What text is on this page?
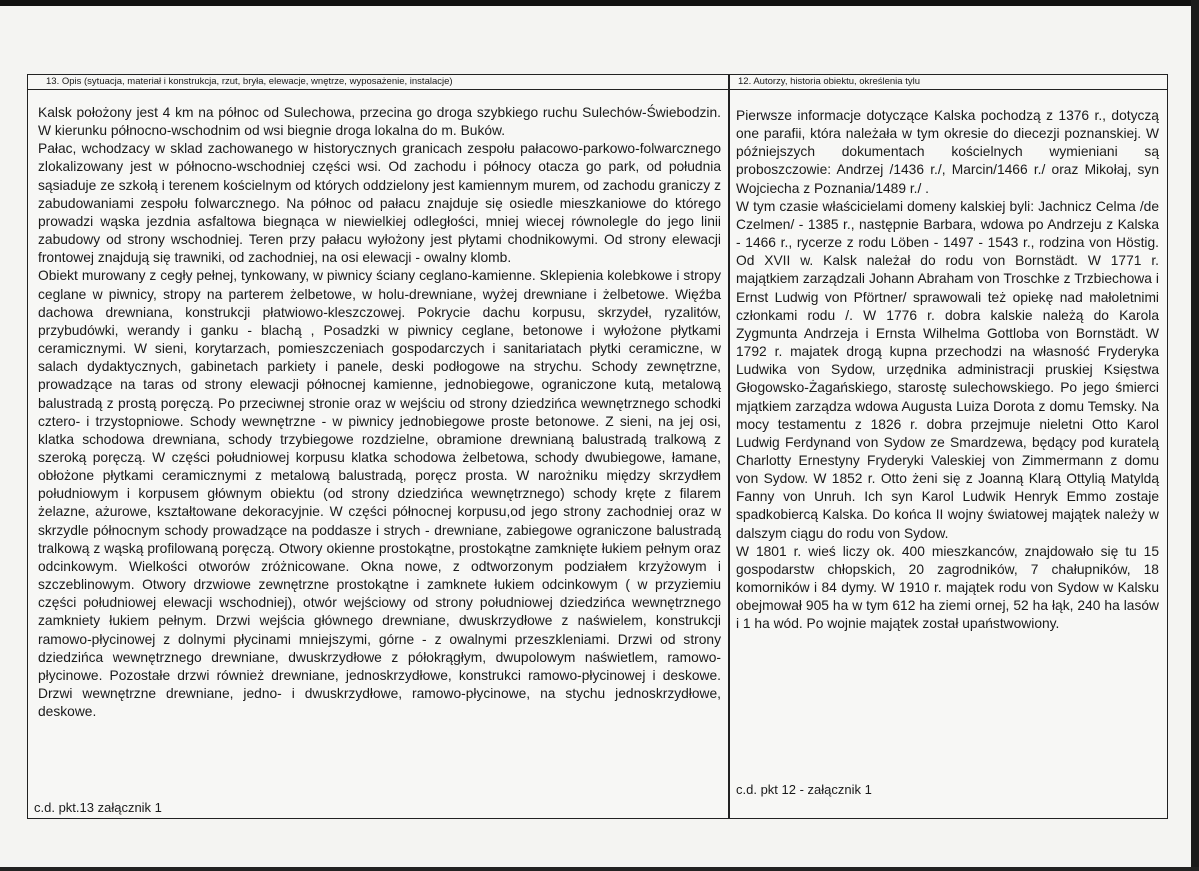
13. Opis (sytuacja, materiał i konstrukcja, rzut, bryła, elewacje, wnętrze, wyposażenie, instalacje)
Kalsk położony jest 4 km na północ od Sulechowa, przecina go droga szybkiego ruchu Sulechów-Świebodzin. W kierunku północno-wschodnim od wsi biegnie droga lokalna do m. Buków.
Pałac, wchodzacy w sklad zachowanego w historycznych granicach zespołu pałacowo-parkowo-folwarcznego zlokalizowany jest w północno-wschodniej części wsi. Od zachodu i północy otacza go park, od południa sąsiaduje ze szkołą i terenem kościelnym od których oddzielony jest kamiennym murem, od zachodu graniczy z zabudowaniami zespołu folwarcznego. Na północ od pałacu znajduje się osiedle mieszkaniowe do którego prowadzi wąska jezdnia asfaltowa biegnąca w niewielkiej odległości, mniej wiecej równolegle do jego linii zabudowy od strony wschodniej. Teren przy pałacu wyłożony jest płytami chodnikowymi. Od strony elewacji frontowej znajdują się trawniki, od zachodniej, na osi elewacji - owalny klomb.
Obiekt murowany z cegły pełnej, tynkowany, w piwnicy ściany ceglano-kamienne. Sklepienia kolebkowe i stropy ceglane w piwnicy, stropy na parterem żelbetowe, w holu-drewniane, wyżej drewniane i żelbetowe. Więźba dachowa drewniana, konstrukcji płatwiowo-kleszczowej. Pokrycie dachu korpusu, skrzydeł, ryzalitów, przybudówki, werandy i ganku - blachą , Posadzki w piwnicy ceglane, betonowe i wyłożone płytkami ceramicznymi. W sieni, korytarzach, pomieszczeniach gospodarczych i sanitariatach płytki ceramiczne, w salach dydaktycznych, gabinetach parkiety i panele, deski podłogowe na strychu. Schody zewnętrzne, prowadzące na taras od strony elewacji północnej kamienne, jednobiegowe, ograniczone kutą, metalową balustradą z prostą poręczą. Po przeciwnej stronie oraz w wejściu od strony dziedzińca wewnętrznego schodki cztero- i trzystopniowe. Schody wewnętrzne - w piwnicy jednobiegowe proste betonowe. Z sieni, na jej osi, klatka schodowa drewniana, schody trzybiegowe rozdzielne, obramione drewnianą balustradą tralkową z szeroką poręczą. W części południowej korpusu klatka schodowa żelbetowa, schody dwubiegowe, łamane, obłożone płytkami ceramicznymi z metalową balustradą, poręcz prosta. W narożniku między skrzydłem południowym i korpusem głównym obiektu (od strony dziedzińca wewnętrznego) schody kręte z filarem żelazne, ażurowe, kształtowane dekoracyjnie. W części północnej korpusu,od jego strony zachodniej oraz w skrzydle północnym schody prowadzące na poddasze i strych - drewniane, zabiegowe ograniczone balustradą tralkową z wąską profilowaną poręczą. Otwory okienne prostokątne, prostokątne zamknięte łukiem pełnym oraz odcinkowym. Wielkości otworów zróżnicowane. Okna nowe, z odtworzonym podziałem krzyżowym i szczeblinowym. Otwory drzwiowe zewnętrzne prostokątne i zamknete łukiem odcinkowym ( w przyziemiu części południowej elewacji wschodniej), otwór wejściowy od strony południowej dziedzińca wewnętrznego zamkniety łukiem pełnym. Drzwi wejścia głównego drewniane, dwuskrzydłowe z naświelem, konstrukcji ramowo-płycinowej z dolnymi płycinami mniejszymi, górne - z owalnymi przeszkleniami. Drzwi od strony dziedzińca wewnętrznego drewniane, dwuskrzydłowe z półokrągłym, dwupolowym naświetlem, ramowo-płycinowe. Pozostałe drzwi również drewniane, jednoskrzydłowe, konstrukci ramowo-płycinowej i deskowe. Drzwi wewnętrzne drewniane, jedno- i dwuskrzydłowe, ramowo-płycinowe, na stychu jednoskrzydłowe, deskowe.
c.d. pkt.13 załącznik 1
12. Autorzy, historia obiektu, określenia tylu
Pierwsze informacje dotyczące Kalska pochodzą z 1376 r., dotyczą one parafii, która należała w tym okresie do diecezji poznanskiej. W późniejszych dokumentach kościelnych wymieniani są proboszczowie: Andrzej /1436 r./, Marcin/1466 r./ oraz Mikołaj, syn Wojciecha z Poznania/1489 r./ .
W tym czasie właścicielami domeny kalskiej byli: Jachnicz Celma /de Czelmen/ - 1385 r., następnie Barbara, wdowa po Andrzeju z Kalska - 1466 r., rycerze z rodu Löben - 1497 - 1543 r., rodzina von Höstig. Od XVII w. Kalsk należał do rodu von Bornstädt. W 1771 r. majątkiem zarządzali Johann Abraham von Troschke z Trzbiechowa i Ernst Ludwig von Pförtner/ sprawowali też opiekę nad małoletnimi członkami rodu /. W 1776 r. dobra kalskie należą do Karola Zygmunta Andrzeja i Ernsta Wilhelma Gottloba von Bornstädt. W 1792 r. majatek drogą kupna przechodzi na własność Fryderyka Ludwika von Sydow, urzędnika administracji pruskiej Księstwa Głogowsko-Żagańskiego, starostę sulechowskiego. Po jego śmierci mjątkiem zarządza wdowa Augusta Luiza Dorota z domu Temsky. Na mocy testamentu z 1826 r. dobra przejmuje nieletni Otto Karol Ludwig Ferdynand von Sydow ze Smardzewa, będący pod kuratelą Charlotty Ernestyny Fryderyki Valeskiej von Zimmermann z domu von Sydow. W 1852 r. Otto żeni się z Joanną Klarą Ottylią Matyldą Fanny von Unruh. Ich syn Karol Ludwik Henryk Emmo zostaje spadkobiercą Kalska. Do końca II wojny światowej majątek należy w dalszym ciągu do rodu von Sydow.
W 1801 r. wieś liczy ok. 400 mieszkanców, znajdowało się tu 15 gospodarstw chłopskich, 20 zagrodników, 7 chałupników, 18 komorników i 84 dymy. W 1910 r. majątek rodu von Sydow w Kalsku obejmował 905 ha w tym 612 ha ziemi ornej, 52 ha łąk, 240 ha lasów i 1 ha wód. Po wojnie majątek został upaństwowiony.
c.d. pkt 12 - załącznik 1
